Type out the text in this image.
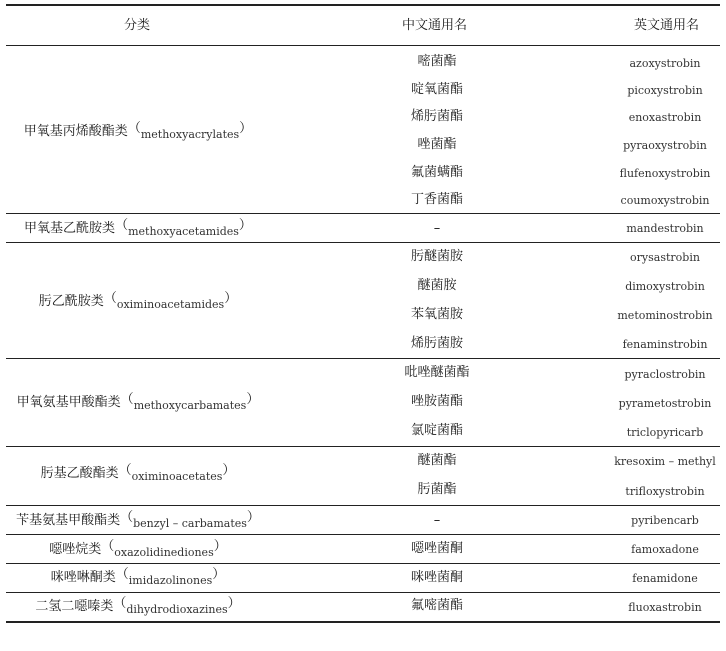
分类	中文通用名	英文通用名
甲氧基丙烯酸酯类$(_{methoxyacrylates})$
嘧菌酯	azoxystrobin
啶氧菌酯	picoxystrobin
烯肟菌酯	enoxastrobin
唑菌酯	pyraoxystrobin
氟菌螨酯	flufenoxystrobin
丁香菌酯	coumoxystrobin
甲氧基乙酰胺类$(_{methoxyacetamides})$	–	mandestrobin
肟乙酰胺类$(_{oximinoacetamides})$
肟醚菌胺	orysastrobin
醚菌胺	dimoxystrobin
苯氧菌胺	metominostrobin
烯肟菌胺	fenaminstrobin
甲氧氨基甲酸酯类$(_{methoxycarbamates})$
吡唑醚菌酯	pyraclostrobin
唑胺菌酯	pyrametostrobin
氯啶菌酯	triclopyricarb
肟基乙酸酯类$(_{oximinoacetates})$
醚菌酯	kresoxim – methyl
肟菌酯	trifloxystrobin
苄基氨基甲酸酯类$(_{benzyl - carbamates})$	–	pyribencarb
噁唑烷类$(_{oxazolidinediones})$	噁唑菌酮	famoxadone
咪唑啉酮类$(_{imidazolinones})$	咪唑菌酮	fenamidone
二氢二噁嗪类$(_{dihydrodioxazines})$	氟嘧菌酯	fluoxastrobin
